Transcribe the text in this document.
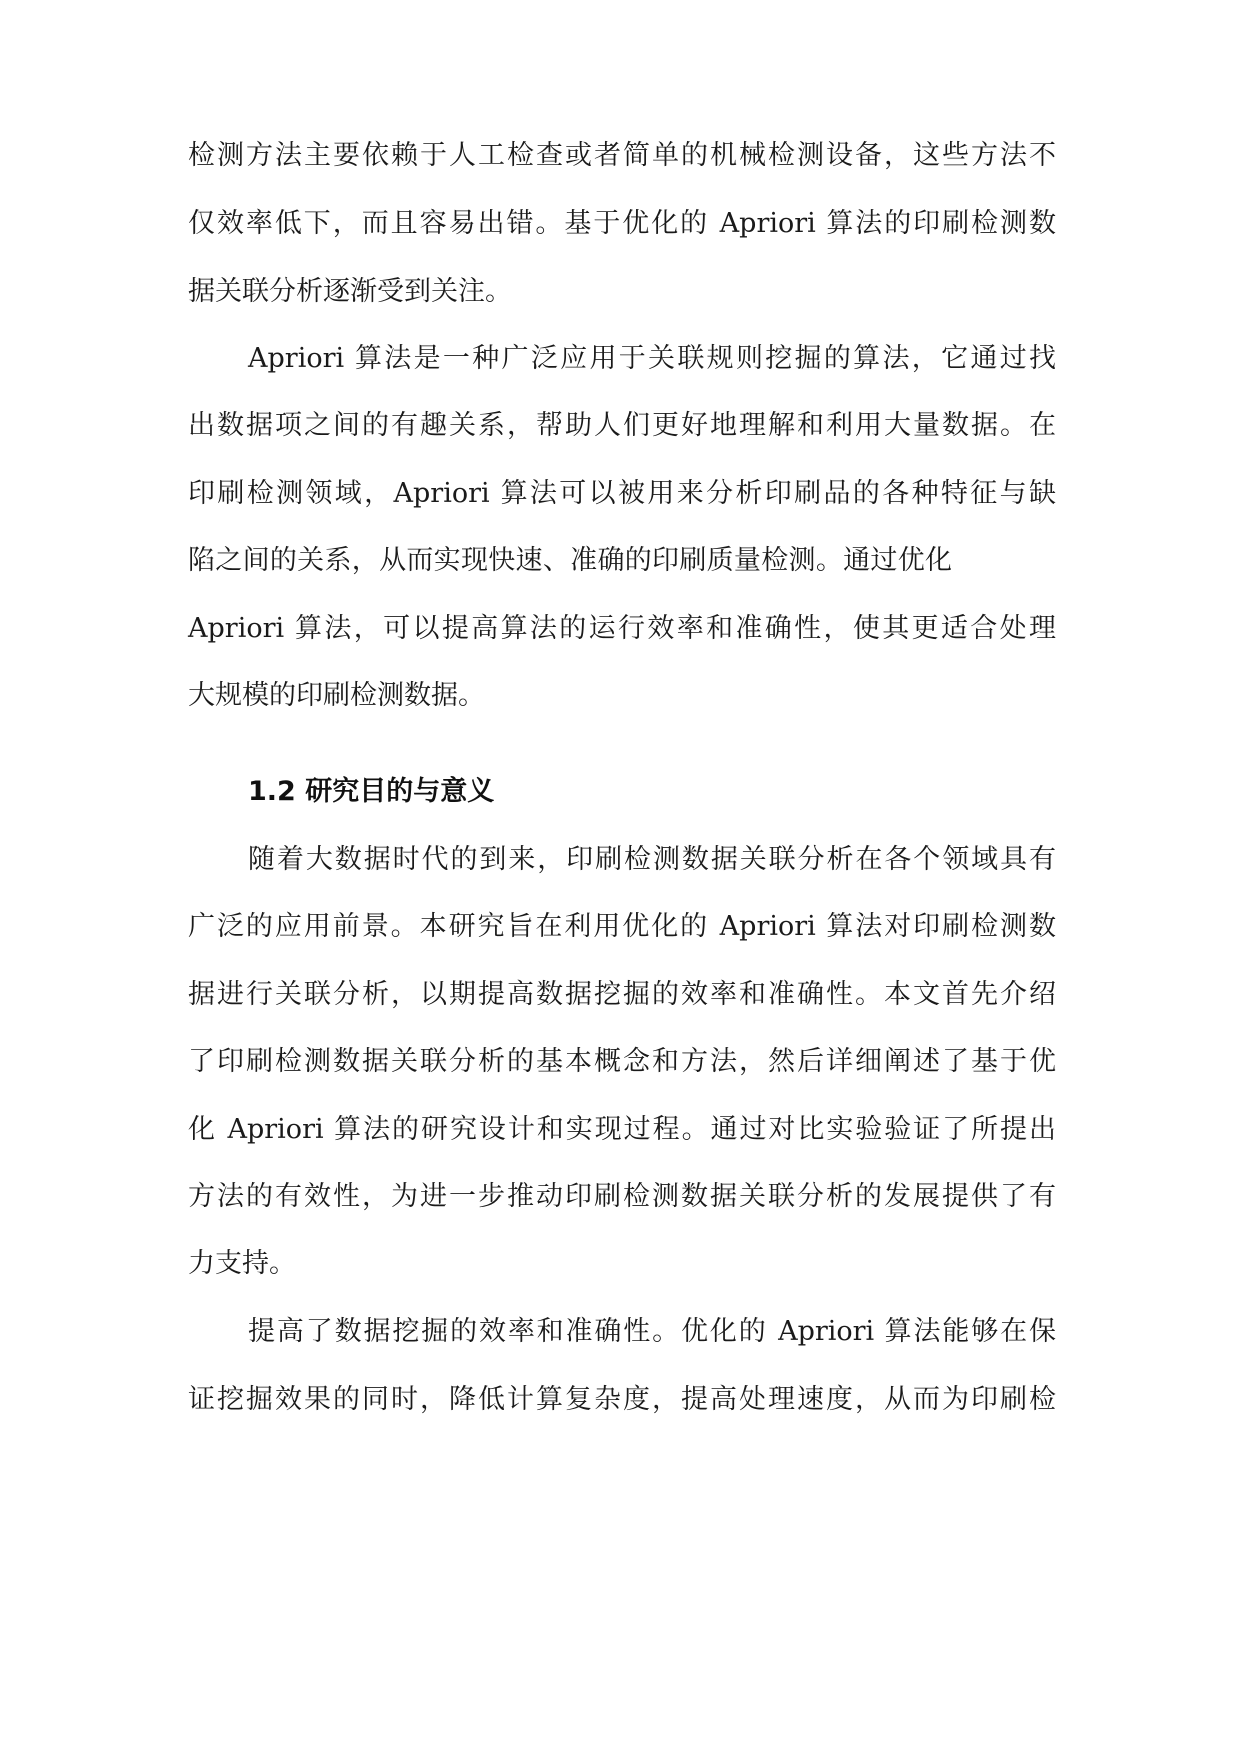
检测方法主要依赖于人工检查或者简单的机械检测设备，这些方法不
仅效率低下，而且容易出错。基于优化的 Apriori 算法的印刷检测数
据关联分析逐渐受到关注。
Apriori 算法是一种广泛应用于关联规则挖掘的算法，它通过找
出数据项之间的有趣关系，帮助人们更好地理解和利用大量数据。在
印刷检测领域，Apriori 算法可以被用来分析印刷品的各种特征与缺
陷之间的关系，从而实现快速、准确的印刷质量检测。通过优化
Apriori 算法，可以提高算法的运行效率和准确性，使其更适合处理
大规模的印刷检测数据。
1.2 研究目的与意义
随着大数据时代的到来，印刷检测数据关联分析在各个领域具有
广泛的应用前景。本研究旨在利用优化的 Apriori 算法对印刷检测数
据进行关联分析，以期提高数据挖掘的效率和准确性。本文首先介绍
了印刷检测数据关联分析的基本概念和方法，然后详细阐述了基于优
化 Apriori 算法的研究设计和实现过程。通过对比实验验证了所提出
方法的有效性，为进一步推动印刷检测数据关联分析的发展提供了有
力支持。
提高了数据挖掘的效率和准确性。优化的 Apriori 算法能够在保
证挖掘效果的同时，降低计算复杂度，提高处理速度，从而为印刷检
